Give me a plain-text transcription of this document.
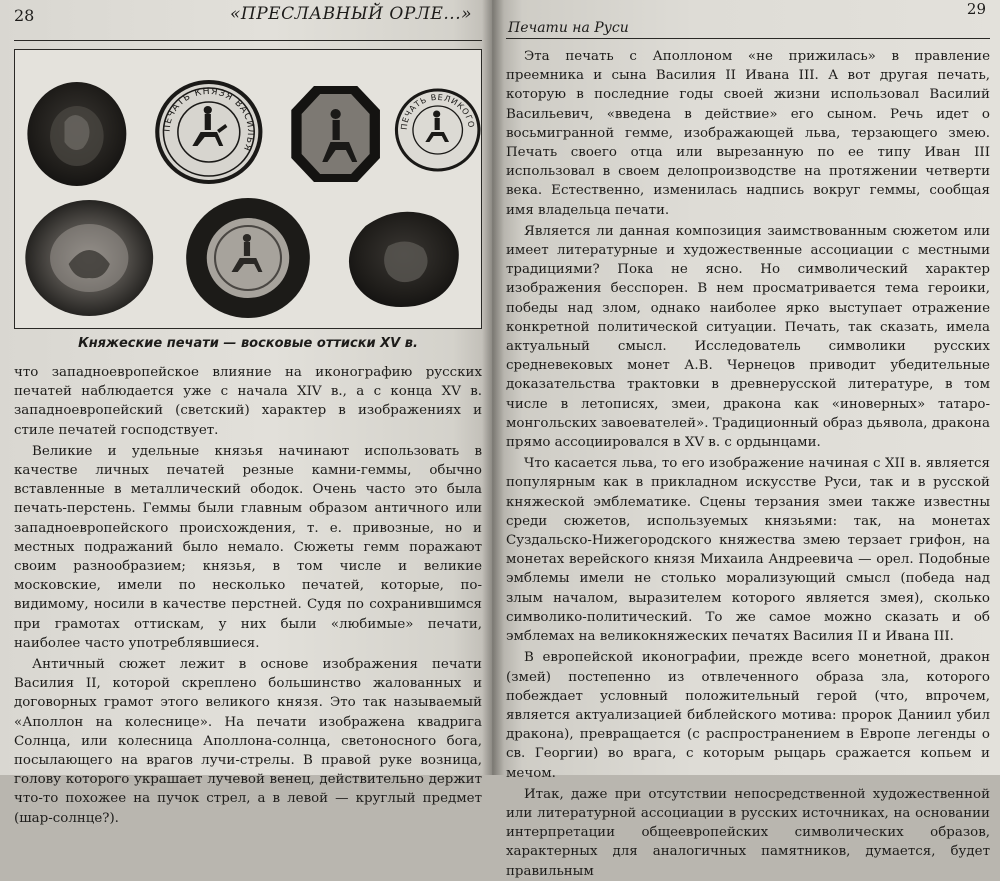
28	«ПРЕСЛАВНЫЙ ОРЛЕ...»
ПЕЧАТЬ КНЯЗЯ ВАСИЛЬЯ
ПЕЧАТЬ ВЕЛИКОГО
Княжеские печати — восковые оттиски XV в.

что западноевропейское влияние на иконографию русских печатей наблюдается уже с начала XIV в., а с конца XV в. западноевропейский (светский) характер в изображениях и стиле печатей господствует.

Великие и удельные князья начинают использовать в качестве личных печатей резные камни-геммы, обычно вставленные в металлический ободок. Очень часто это была печать-перстень. Геммы были главным образом античного или западноевропейского происхождения, т. е. привозные, но и местных подражаний было немало. Сюжеты гемм поражают своим разнообразием; князья, в том числе и великие московские, имели по несколько печатей, которые, по-видимому, носили в качестве перстней. Судя по сохранившимся при грамотах оттискам, у них были «любимые» печати, наиболее часто употреблявшиеся.

Античный сюжет лежит в основе изображения печати Василия II, которой скреплено большинство жалованных и договорных грамот этого великого князя. Это так называемый «Аполлон на колеснице». На печати изображена квадрига Солнца, или колесница Аполлона-солнца, светоносного бога, посылающего на врагов лучи-стрелы. В правой руке возница, голову которого украшает лучевой венец, действительно держит что-то похожее на пучок стрел, а в левой — круглый предмет (шар-солнце?).

Печати на Руси
29

Эта печать с Аполлоном «не прижилась» в правление преемника и сына Василия II Ивана III. А вот другая печать, которую в последние годы своей жизни использовал Василий Васильевич, «введена в действие» его сыном. Речь идет о восьмигранной гемме, изображающей льва, терзающего змею. Печать своего отца или вырезанную по ее типу Иван III использовал в своем делопроизводстве на протяжении четверти века. Естественно, изменилась надпись вокруг геммы, сообщая имя владельца печати.

Является ли данная композиция заимствованным сюжетом или имеет литературные и художественные ассоциации с местными традициями? Пока не ясно. Но символический характер изображения бесспорен. В нем просматривается тема героики, победы над злом, однако наиболее ярко выступает отражение конкретной политической ситуации. Печать, так сказать, имела актуальный смысл. Исследователь символики русских средневековых монет А.В. Чернецов приводит убедительные доказательства трактовки в древнерусской литературе, в том числе в летописях, змеи, дракона как «иноверных» татаро-монгольских завоевателей». Традиционный образ дьявола, дракона прямо ассоциировался в XV в. с ордынцами.

Что касается льва, то его изображение начиная с XII в. является популярным как в прикладном искусстве Руси, так и в русской княжеской эмблематике. Сцены терзания змеи также известны среди сюжетов, используемых князьями: так, на монетах Суздальско-Нижегородского княжества змею терзает грифон, на монетах верейского князя Михаила Андреевича — орел. Подобные эмблемы имели не столько морализующий смысл (победа над злым началом, выразителем которого является змея), сколько символико-политический. То же самое можно сказать и об эмблемах на великокняжеских печатях Василия II и Ивана III.

В европейской иконографии, прежде всего монетной, дракон (змей) постепенно из отвлеченного образа зла, которого побеждает условный положительный герой (что, впрочем, является актуализацией библейского мотива: пророк Даниил убил дракона), превращается (с распространением в Европе легенды о св. Георгии) во врага, с которым рыцарь сражается копьем и мечом.

Итак, даже при отсутствии непосредственной художественной или литературной ассоциации в русских источниках, на основании интерпретации общеевропейских символических образов, характерных для аналогичных памятников, думается, будет правильным
